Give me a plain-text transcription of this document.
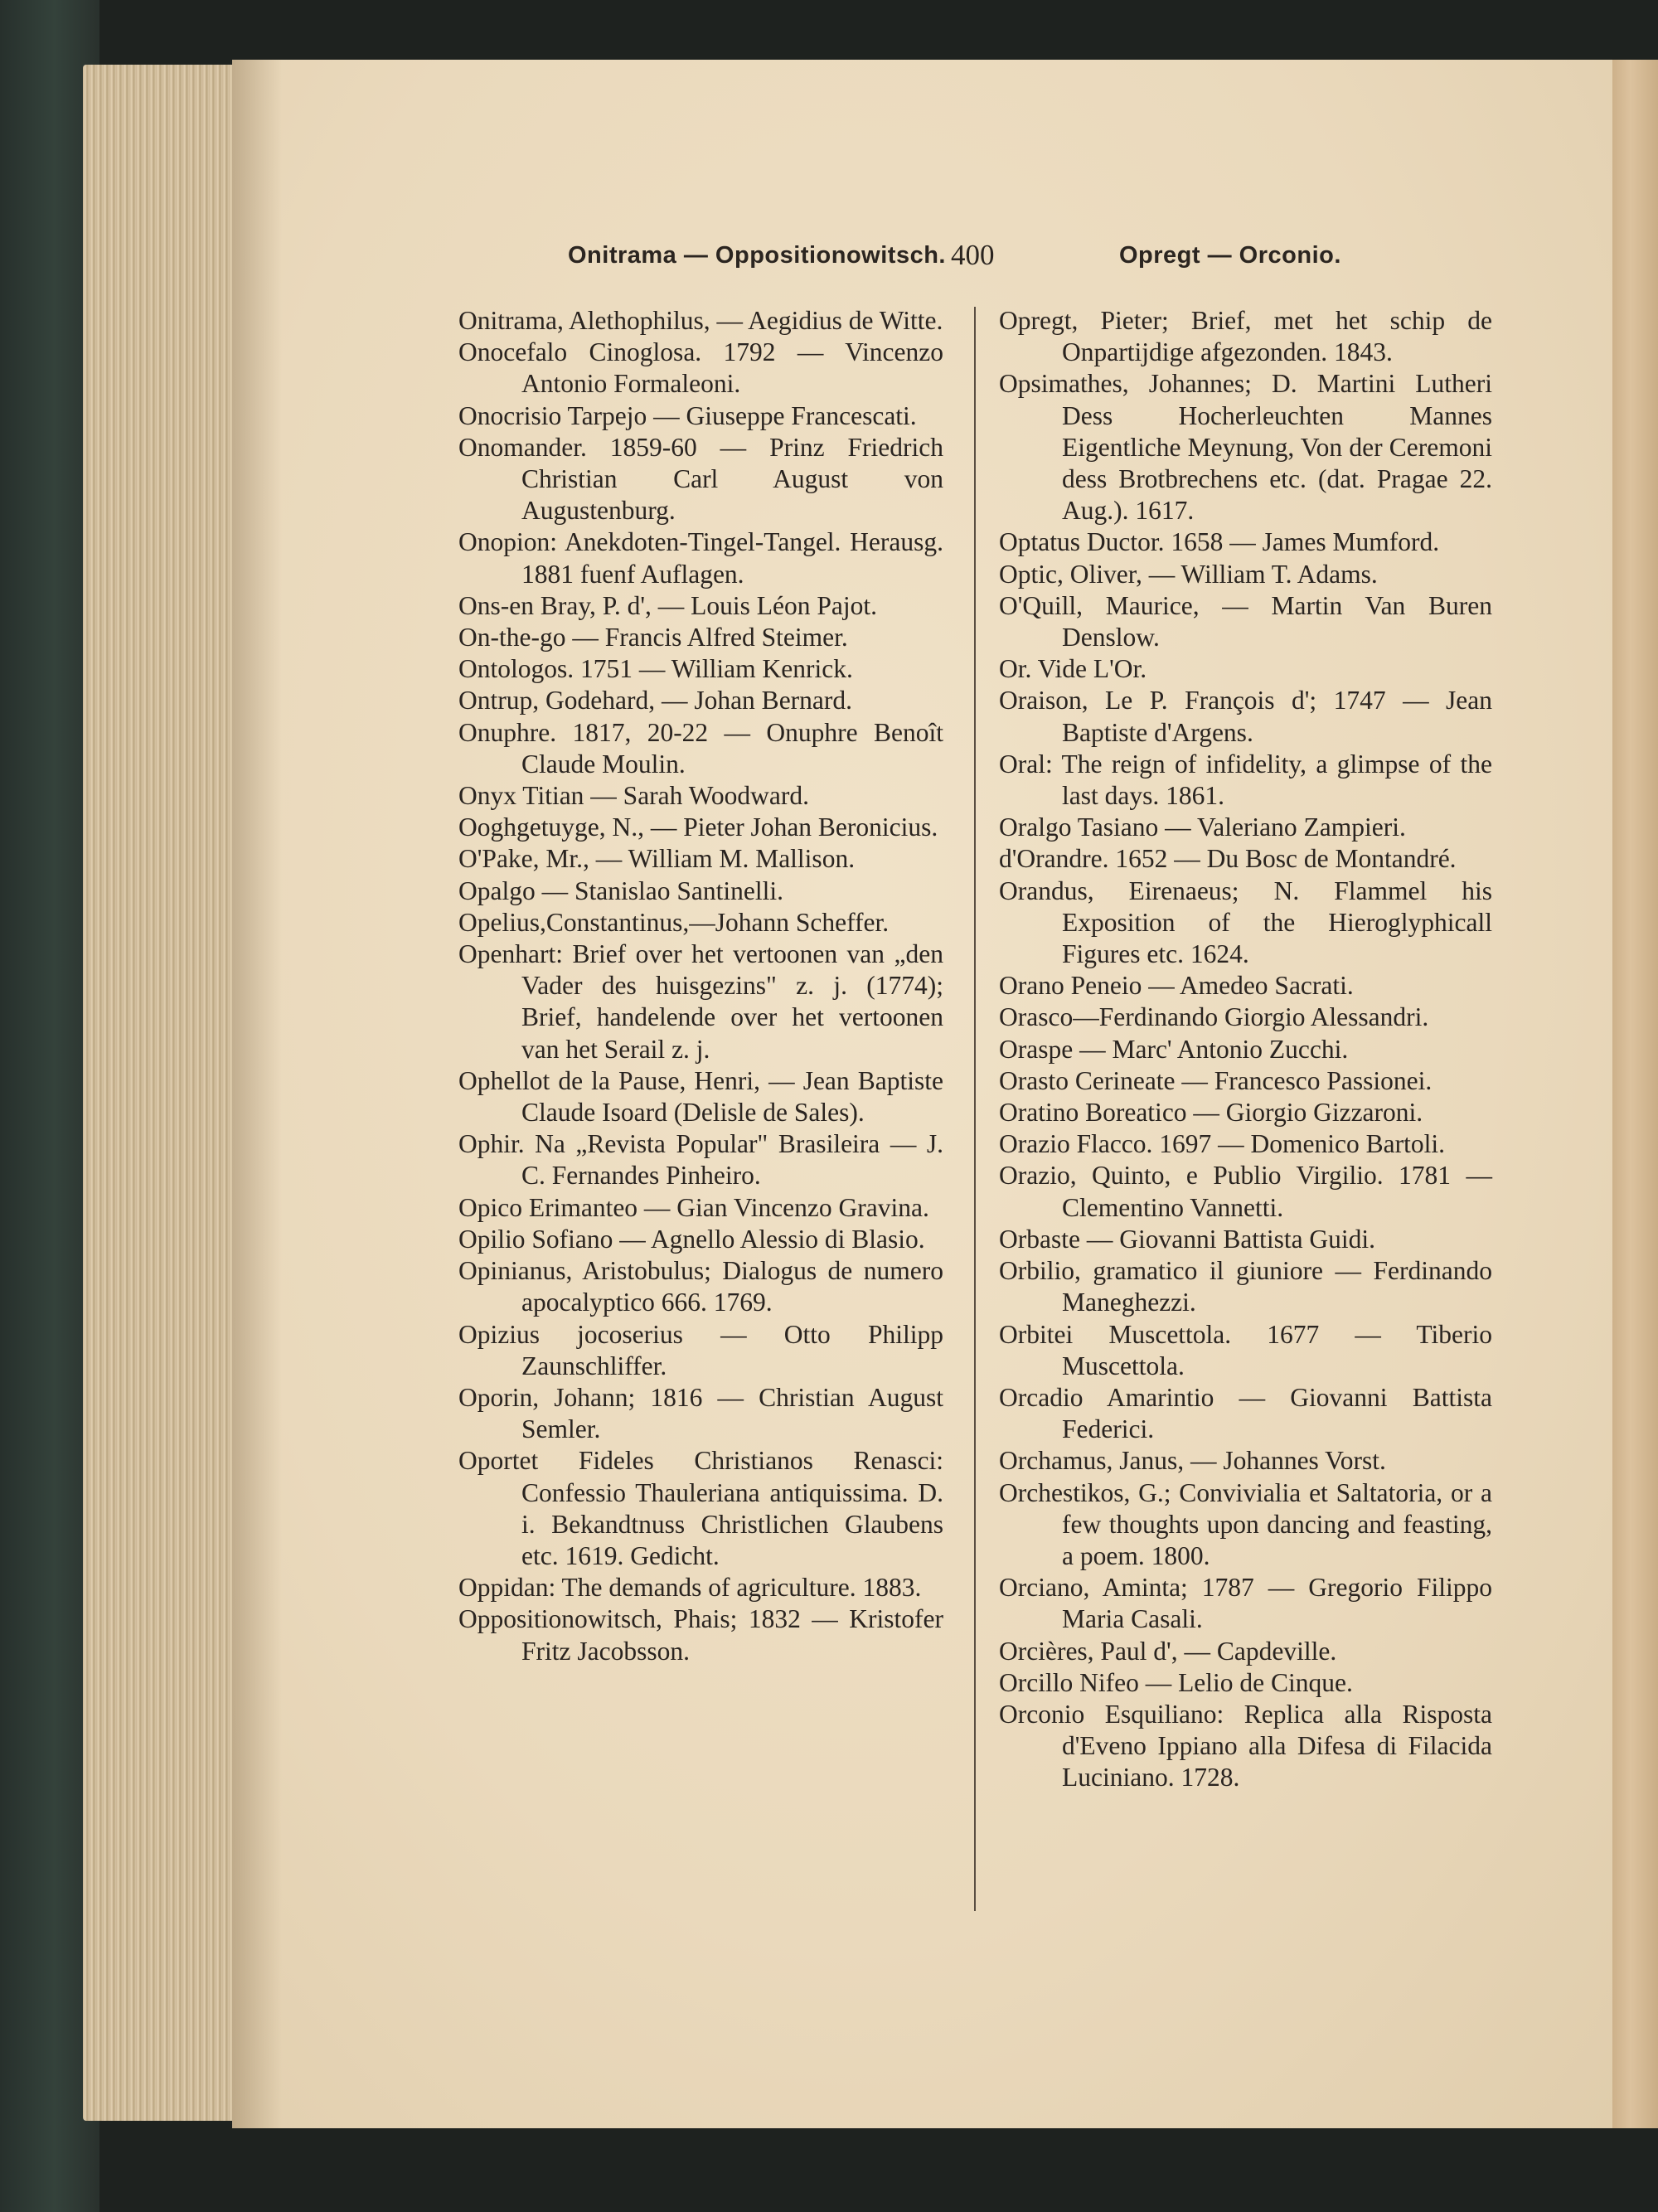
Onitrama — Oppositionowitsch. 400	Opregt — Orconio.

Onitrama, Alethophilus, — Aegidius de Witte.

Onocefalo Cinoglosa. 1792 — Vincenzo Antonio Formaleoni.

Onocrisio Tarpejo — Giuseppe Francescati.

Onomander. 1859-60 — Prinz Friedrich Christian Carl August von Augustenburg.

Onopion: Anekdoten-Tingel-Tangel. Herausg. 1881 fuenf Auflagen.

Ons-en Bray, P. d', — Louis Léon Pajot.

On-the-go — Francis Alfred Steimer.

Ontologos. 1751 — William Kenrick.

Ontrup, Godehard, — Johan Bernard.

Onuphre. 1817, 20-22 — Onuphre Benoît Claude Moulin.

Onyx Titian — Sarah Woodward.

Ooghgetuyge, N., — Pieter Johan Beronicius.

O'Pake, Mr., — William M. Mallison.

Opalgo — Stanislao Santinelli.

Opelius,Constantinus,—Johann Scheffer.

Openhart: Brief over het vertoonen van „den Vader des huisgezins" z. j. (1774); Brief, handelende over het vertoonen van het Serail z. j.

Ophellot de la Pause, Henri, — Jean Baptiste Claude Isoard (Delisle de Sales).

Ophir. Na „Revista Popular" Brasileira — J. C. Fernandes Pinheiro.

Opico Erimanteo — Gian Vincenzo Gravina.

Opilio Sofiano — Agnello Alessio di Blasio.

Opinianus, Aristobulus; Dialogus de numero apocalyptico 666. 1769.

Opizius jocoserius — Otto Philipp Zaunschliffer.

Oporin, Johann; 1816 — Christian August Semler.

Oportet Fideles Christianos Renasci: Confessio Thauleriana antiquissima. D. i. Bekandtnuss Christlichen Glaubens etc. 1619. Gedicht.

Oppidan: The demands of agriculture. 1883.

Oppositionowitsch, Phais; 1832 — Kristofer Fritz Jacobsson.

Opregt, Pieter; Brief, met het schip de Onpartijdige afgezonden. 1843.

Opsimathes, Johannes; D. Martini Lutheri Dess Hocherleuchten Mannes Eigentliche Meynung, Von der Ceremoni dess Brotbrechens etc. (dat. Pragae 22. Aug.). 1617.

Optatus Ductor. 1658 — James Mumford.

Optic, Oliver, — William T. Adams.

O'Quill, Maurice, — Martin Van Buren Denslow.

Or. Vide L'Or.

Oraison, Le P. François d'; 1747 — Jean Baptiste d'Argens.

Oral: The reign of infidelity, a glimpse of the last days. 1861.

Oralgo Tasiano — Valeriano Zampieri.

d'Orandre. 1652 — Du Bosc de Montandré.

Orandus, Eirenaeus; N. Flammel his Exposition of the Hieroglyphicall Figures etc. 1624.

Orano Peneio — Amedeo Sacrati.

Orasco—Ferdinando Giorgio Alessandri.

Oraspe — Marc' Antonio Zucchi.

Orasto Cerineate — Francesco Passionei.

Oratino Boreatico — Giorgio Gizzaroni.

Orazio Flacco. 1697 — Domenico Bartoli.

Orazio, Quinto, e Publio Virgilio. 1781 — Clementino Vannetti.

Orbaste — Giovanni Battista Guidi.

Orbilio, gramatico il giuniore — Ferdinando Maneghezzi.

Orbitei Muscettola. 1677 — Tiberio Muscettola.

Orcadio Amarintio — Giovanni Battista Federici.

Orchamus, Janus, — Johannes Vorst.

Orchestikos, G.; Convivialia et Saltatoria, or a few thoughts upon dancing and feasting, a poem. 1800.

Orciano, Aminta; 1787 — Gregorio Filippo Maria Casali.

Orcières, Paul d', — Capdeville.

Orcillo Nifeo — Lelio de Cinque.

Orconio Esquiliano: Replica alla Risposta d'Eveno Ippiano alla Difesa di Filacida Luciniano. 1728.
